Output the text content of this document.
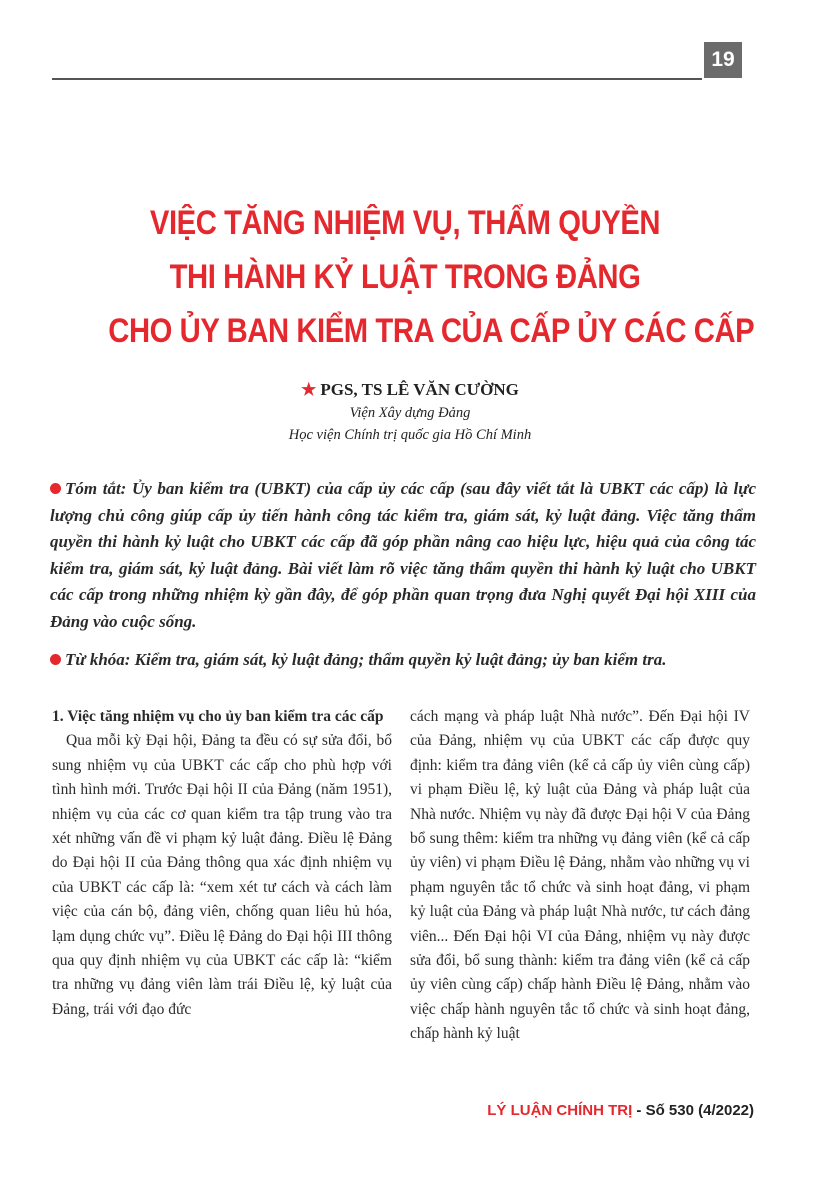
19
VIỆC TĂNG NHIỆM VỤ, THẨM QUYỀN
THI HÀNH KỶ LUẬT TRONG ĐẢNG
CHO ỦY BAN KIỂM TRA CỦA CẤP ỦY CÁC CẤP
★ PGS, TS LÊ VĂN CƯỜNG
Viện Xây dựng Đảng
Học viện Chính trị quốc gia Hồ Chí Minh
Tóm tắt: Ủy ban kiểm tra (UBKT) của cấp ủy các cấp (sau đây viết tắt là UBKT các cấp) là lực lượng chủ công giúp cấp ủy tiến hành công tác kiểm tra, giám sát, kỷ luật đảng. Việc tăng thẩm quyền thi hành kỷ luật cho UBKT các cấp đã góp phần nâng cao hiệu lực, hiệu quả của công tác kiểm tra, giám sát, kỷ luật đảng. Bài viết làm rõ việc tăng thẩm quyền thi hành kỷ luật cho UBKT các cấp trong những nhiệm kỳ gần đây, để góp phần quan trọng đưa Nghị quyết Đại hội XIII của Đảng vào cuộc sống.
Từ khóa: Kiểm tra, giám sát, kỷ luật đảng; thẩm quyền kỷ luật đảng; ủy ban kiểm tra.
1. Việc tăng nhiệm vụ cho ủy ban kiểm tra các cấp

Qua mỗi kỳ Đại hội, Đảng ta đều có sự sửa đổi, bổ sung nhiệm vụ của UBKT các cấp cho phù hợp với tình hình mới. Trước Đại hội II của Đảng (năm 1951), nhiệm vụ của các cơ quan kiểm tra tập trung vào tra xét những vấn đề vi phạm kỷ luật đảng. Điều lệ Đảng do Đại hội II của Đảng thông qua xác định nhiệm vụ của UBKT các cấp là: “xem xét tư cách và cách làm việc của cán bộ, đảng viên, chống quan liêu hủ hóa, lạm dụng chức vụ”. Điều lệ Đảng do Đại hội III thông qua quy định nhiệm vụ của UBKT các cấp là: “kiểm tra những vụ đảng viên làm trái Điều lệ, kỷ luật của Đảng, trái với đạo đức

cách mạng và pháp luật Nhà nước”. Đến Đại hội IV của Đảng, nhiệm vụ của UBKT các cấp được quy định: kiểm tra đảng viên (kể cả cấp ủy viên cùng cấp) vi phạm Điều lệ, kỷ luật của Đảng và pháp luật của Nhà nước. Nhiệm vụ này đã được Đại hội V của Đảng bổ sung thêm: kiểm tra những vụ đảng viên (kể cả cấp ủy viên) vi phạm Điều lệ Đảng, nhằm vào những vụ vi phạm nguyên tắc tổ chức và sinh hoạt đảng, vi phạm kỷ luật của Đảng và pháp luật Nhà nước, tư cách đảng viên... Đến Đại hội VI của Đảng, nhiệm vụ này được sửa đổi, bổ sung thành: kiểm tra đảng viên (kể cả cấp ủy viên cùng cấp) chấp hành Điều lệ Đảng, nhằm vào việc chấp hành nguyên tắc tổ chức và sinh hoạt đảng, chấp hành kỷ luật

LÝ LUẬN CHÍNH TRỊ - Số 530 (4/2022)
